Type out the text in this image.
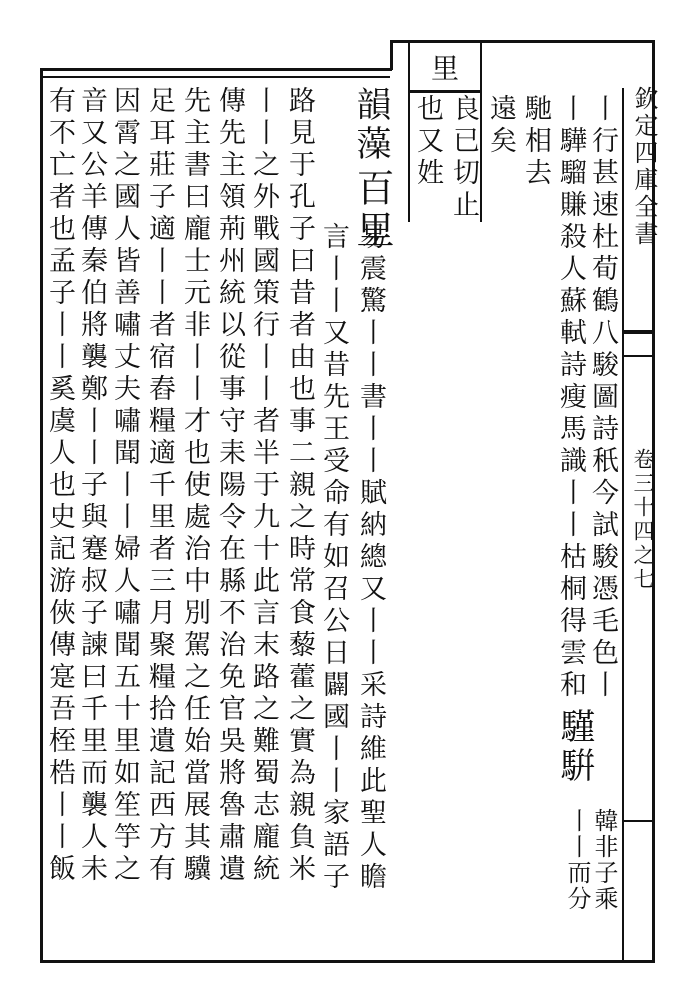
欽定四庫全書
卷三十四之七
里
丨行甚速杜荀鶴八駿圖詩秖今試駿憑毛色丨
丨驊騮賺殺人蘇軾詩瘦馬識丨丨枯桐得雲和
騹騈
韓非子乘
丨丨而分
馳相去
遠矣
良已切止
也又姓
韻藻
百里
易震驚丨丨書丨丨賦納總又丨丨采詩維此聖人瞻
言丨丨又昔先王受命有如召公日闢國丨丨家語子
路見于孔子曰昔者由也事二親之時常食藜藿之實為親負米
丨丨之外戰國策行丨丨者半于九十此言末路之難蜀志龐統
傳先主領荊州統以從事守耒陽令在縣不治免官吳將魯肅遺
先主書曰龐士元非丨丨才也使處治中別駕之任始當展其驥
足耳莊子適丨丨者宿舂糧適千里者三月聚糧拾遺記西方有
因霄之國人皆善嘯丈夫嘯聞丨丨婦人嘯聞五十里如笙竽之
音又公羊傳秦伯將襲鄭丨丨子與蹇叔子諫曰千里而襲人未
有不亡者也孟子丨丨奚虞人也史記游俠傳寔吾桎梏丨丨飯
